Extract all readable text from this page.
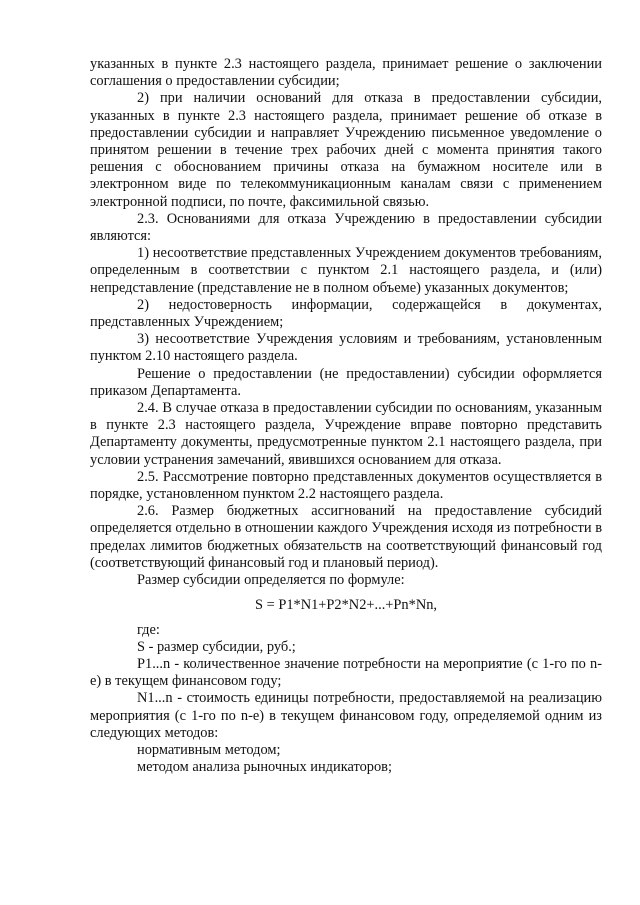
указанных в пункте 2.3 настоящего раздела, принимает решение о заключении соглашения о предоставлении субсидии;

2) при наличии оснований для отказа в предоставлении субсидии, указанных в пункте 2.3 настоящего раздела, принимает решение об отказе в предоставлении субсидии и направляет Учреждению письменное уведомление о принятом решении в течение трех рабочих дней с момента принятия такого решения с обоснованием причины отказа на бумажном носителе или в электронном виде по телекоммуникационным каналам связи с применением электронной подписи, по почте, факсимильной связью.

2.3. Основаниями для отказа Учреждению в предоставлении субсидии являются:

1) несоответствие представленных Учреждением документов требованиям, определенным в соответствии с пунктом 2.1 настоящего раздела, и (или) непредставление (представление не в полном объеме) указанных документов;

2) недостоверность информации, содержащейся в документах, представленных Учреждением;

3) несоответствие Учреждения условиям и требованиям, установленным пунктом 2.10 настоящего раздела.

Решение о предоставлении (не предоставлении) субсидии оформляется приказом Департамента.

2.4. В случае отказа в предоставлении субсидии по основаниям, указанным в пункте 2.3 настоящего раздела, Учреждение вправе повторно представить Департаменту документы, предусмотренные пунктом 2.1 настоящего раздела, при условии устранения замечаний, явившихся основанием для отказа.

2.5. Рассмотрение повторно представленных документов осуществляется в порядке, установленном пунктом 2.2 настоящего раздела.

2.6. Размер бюджетных ассигнований на предоставление субсидий определяется отдельно в отношении каждого Учреждения исходя из потребности в пределах лимитов бюджетных обязательств на соответствующий финансовый год (соответствующий финансовый год и плановый период).

Размер субсидии определяется по формуле:

S = P1*N1+P2*N2+...+Pn*Nn,

где:

S - размер субсидии, руб.;

P1...n - количественное значение потребности на мероприятие (с 1-го по n-е) в текущем финансовом году;

N1...n - стоимость единицы потребности, предоставляемой на реализацию мероприятия (с 1-го по n-е) в текущем финансовом году, определяемой одним из следующих методов:

нормативным методом;

методом анализа рыночных индикаторов;
